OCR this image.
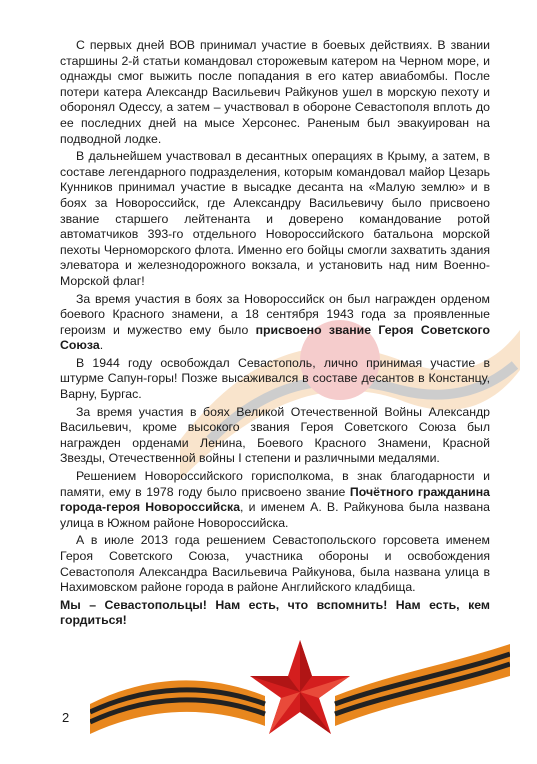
С первых дней ВОВ принимал участие в боевых действиях. В звании старшины 2-й статьи командовал сторожевым катером на Черном море, и однажды смог выжить после попадания в его катер авиабомбы. После потери катера Александр Васильевич Райкунов ушел в морскую пехоту и оборонял Одессу, а затем – участвовал в обороне Севастополя вплоть до ее последних дней на мысе Херсонес. Раненым был эвакуирован на подводной лодке.

В дальнейшем участвовал в десантных операциях в Крыму, а затем, в составе легендарного подразделения, которым командовал майор Цезарь Кунников принимал участие в высадке десанта на «Малую землю» и в боях за Новороссийск, где Александру Васильевичу было присвоено звание старшего лейтенанта и доверено командование ротой автоматчиков 393-го отдельного Новороссийского батальона морской пехоты Черноморского флота. Именно его бойцы смогли захватить здания элеватора и железнодорожного вокзала, и установить над ним Военно-Морской флаг!

За время участия в боях за Новороссийск он был награжден орденом боевого Красного знамени, а 18 сентября 1943 года за проявленные героизм и мужество ему было присвоено звание Героя Советского Союза.

В 1944 году освобождал Севастополь, лично принимая участие в штурме Сапун-горы! Позже высаживался в составе десантов в Констанцу, Варну, Бургас.

За время участия в боях Великой Отечественной Войны Александр Васильевич, кроме высокого звания Героя Советского Союза был награжден орденами Ленина, Боевого Красного Знамени, Красной Звезды, Отечественной войны I степени и различными медалями.

Решением Новороссийского горисполкома, в знак благодарности и памяти, ему в 1978 году было присвоено звание Почётного гражданина города-героя Новороссийска, и именем А. В. Райкунова была названа улица в Южном районе Новороссийска.

А в июле 2013 года решением Севастопольского горсовета именем Героя Советского Союза, участника обороны и освобождения Севастополя Александра Васильевича Райкунова, была названа улица в Нахимовском районе города в районе Английского кладбища.

Мы – Севастопольцы! Нам есть, что вспомнить! Нам есть, кем гордиться!
2
